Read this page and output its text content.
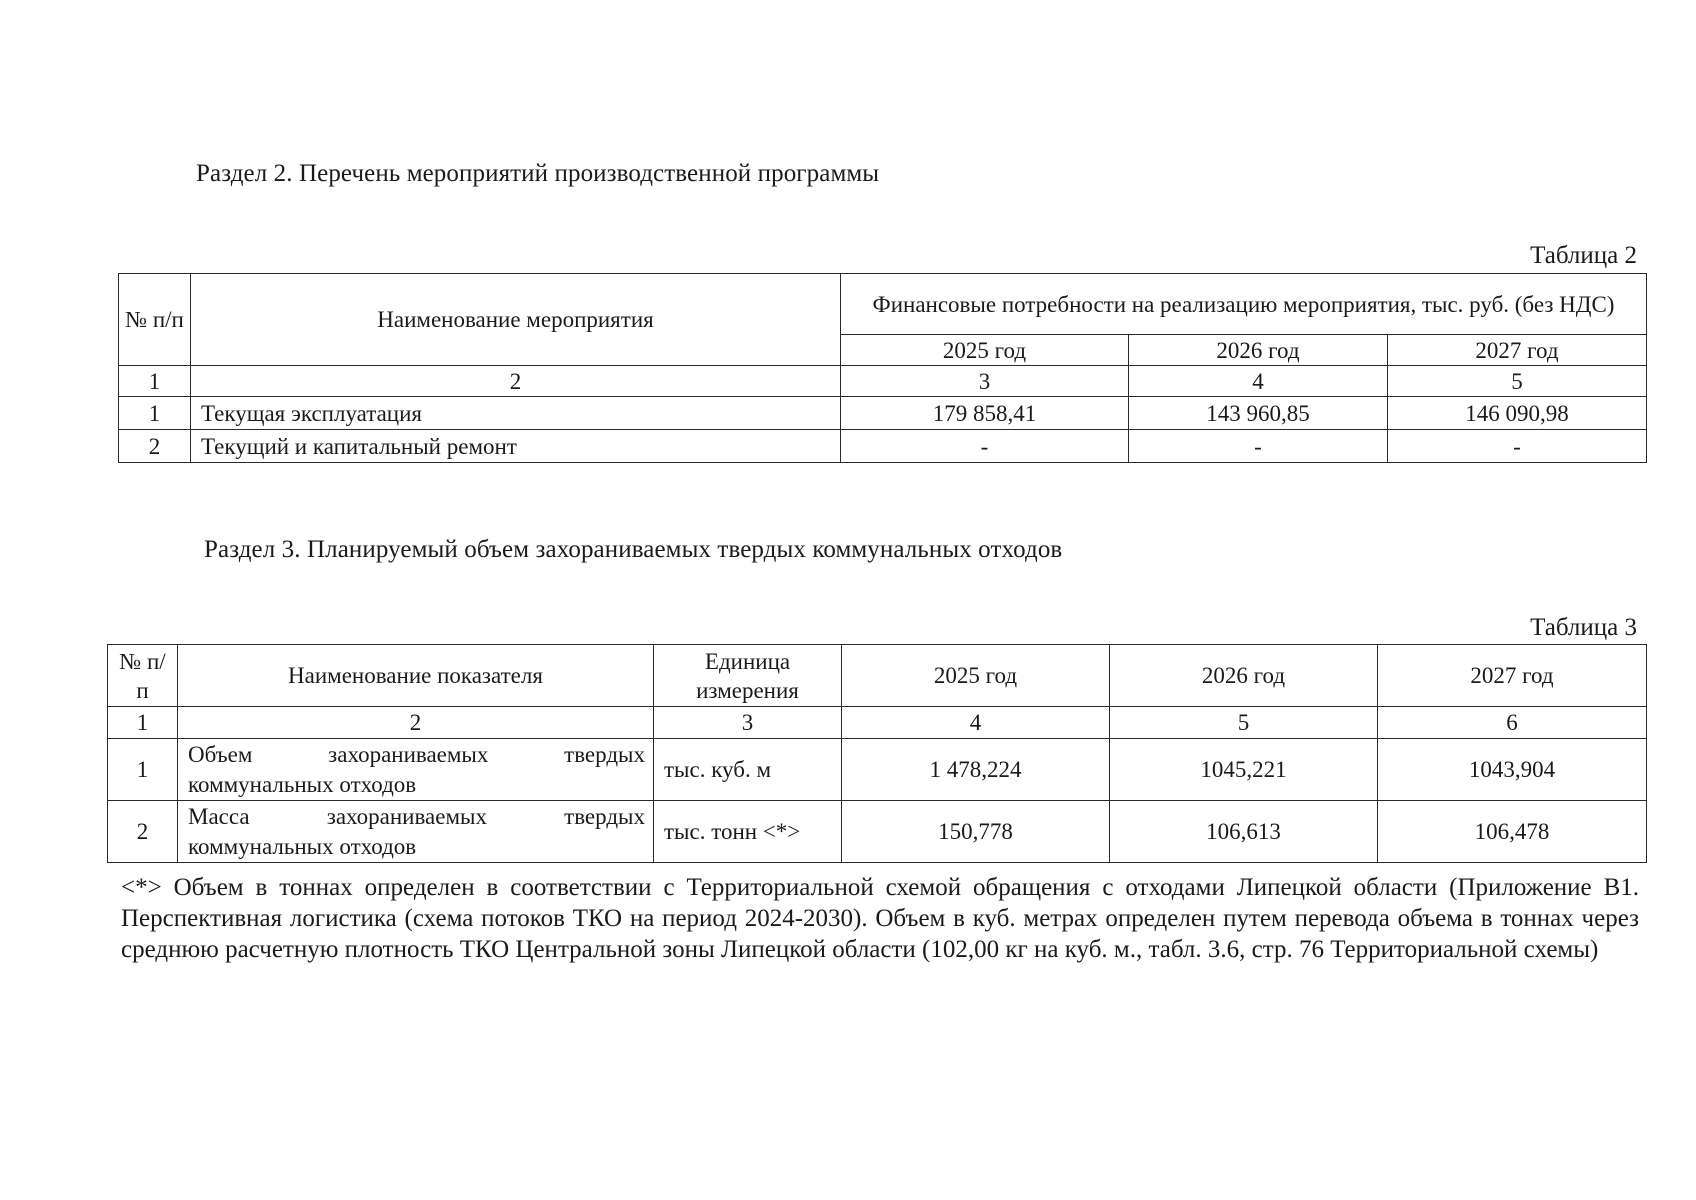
Раздел 2. Перечень мероприятий производственной программы
Таблица 2
№ п/п	Наименование мероприятия	Финансовые потребности на реализацию мероприятия, тыс. руб. (без НДС)		
		2025 год	2026 год	2027 год
1	2	3	4	5
1	Текущая эксплуатация	179 858,41	143 960,85	146 090,98
2	Текущий и капитальный ремонт	-	-	-
Раздел 3. Планируемый объем захораниваемых твердых коммунальных отходов
Таблица 3
№ п/п	Наименование показателя	Единица измерения	2025 год	2026 год	2027 год
1	2	3	4	5	6
1	Объем захораниваемых твердых коммунальных отходов	тыс. куб. м	1 478,224	1045,221	1043,904
2	Масса захораниваемых твердых коммунальных отходов	тыс. тонн <*>	150,778	106,613	106,478
<*> Объем в тоннах определен в соответствии с Территориальной схемой обращения с отходами Липецкой области (Приложение В1. Перспективная логистика (схема потоков ТКО на период 2024-2030). Объем в куб. метрах определен путем перевода объема в тоннах через среднюю расчетную плотность ТКО Центральной зоны Липецкой области (102,00 кг на куб. м., табл. 3.6, стр. 76 Территориальной схемы)
